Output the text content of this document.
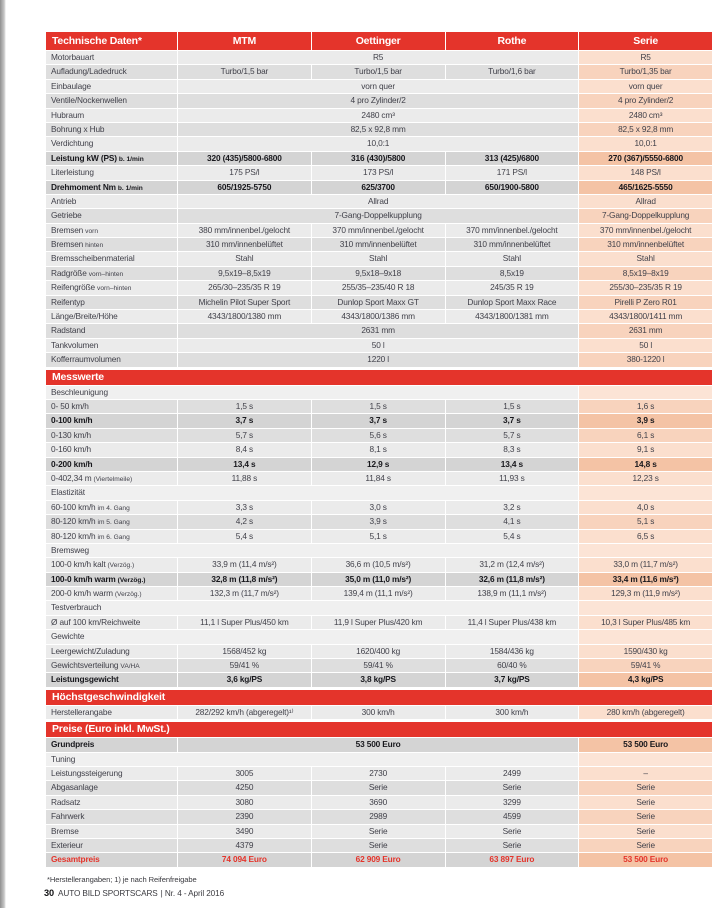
Technische Daten*	MTM	Oettinger	Rothe	Serie
Motorbauart	R5	R5
Aufladung/Ladedruck	Turbo/1,5 bar	Turbo/1,5 bar	Turbo/1,6 bar	Turbo/1,35 bar
Einbaulage	vorn quer	vorn quer
Ventile/Nockenwellen	4 pro Zylinder/2	4 pro Zylinder/2
Hubraum	2480 cm³	2480 cm³
Bohrung x Hub	82,5 x 92,8 mm	82,5 x 92,8 mm
Verdichtung	10,0:1	10,0:1
Leistung kW (PS) b. 1/min	320 (435)/5800-6800	316 (430)/5800	313 (425)/6800	270 (367)/5550-6800
Literleistung	175 PS/l	173 PS/l	171 PS/l	148 PS/l
Drehmoment Nm b. 1/min	605/1925-5750	625/3700	650/1900-5800	465/1625-5550
Antrieb	Allrad	Allrad
Getriebe	7-Gang-Doppelkupplung	7-Gang-Doppelkupplung
Bremsen vorn	380 mm/innenbel./gelocht	370 mm/innenbel./gelocht	370 mm/innenbel./gelocht	370 mm/innenbel./gelocht
Bremsen hinten	310 mm/innenbelüftet	310 mm/innenbelüftet	310 mm/innenbelüftet	310 mm/innenbelüftet
Bremsscheibenmaterial	Stahl	Stahl	Stahl	Stahl
Radgröße vorn–hinten	9,5x19–8,5x19	9,5x18–9x18	8,5x19	8,5x19–8x19
Reifengröße vorn–hinten	265/30–235/35 R 19	255/35–235/40 R 18	245/35 R 19	255/30–235/35 R 19
Reifentyp	Michelin Pilot Super Sport	Dunlop Sport Maxx GT	Dunlop Sport Maxx Race	Pirelli P Zero R01
Länge/Breite/Höhe	4343/1800/1380 mm	4343/1800/1386 mm	4343/1800/1381 mm	4343/1800/1411 mm
Radstand	2631 mm	2631 mm
Tankvolumen	50 l	50 l
Kofferraumvolumen	1220 l	380-1220 l
Messwerte
Beschleunigung
0- 50 km/h	1,5 s	1,5 s	1,5 s	1,6 s
0-100 km/h	3,7 s	3,7 s	3,7 s	3,9 s
0-130 km/h	5,7 s	5,6 s	5,7 s	6,1 s
0-160 km/h	8,4 s	8,1 s	8,3 s	9,1 s
0-200 km/h	13,4 s	12,9 s	13,4 s	14,8 s
0-402,34 m (Viertelmeile)	11,88 s	11,84 s	11,93 s	12,23 s
Elastizität
60-100 km/h im 4. Gang	3,3 s	3,0 s	3,2 s	4,0 s
80-120 km/h im 5. Gang	4,2 s	3,9 s	4,1 s	5,1 s
80-120 km/h im 6. Gang	5,4 s	5,1 s	5,4 s	6,5 s
Bremsweg
100-0 km/h kalt (Verzög.)	33,9 m (11,4 m/s²)	36,6 m (10,5 m/s²)	31,2 m (12,4 m/s²)	33,0 m (11,7 m/s²)
100-0 km/h warm (Verzög.)	32,8 m (11,8 m/s²)	35,0 m (11,0 m/s²)	32,6 m (11,8 m/s²)	33,4 m (11,6 m/s²)
200-0 km/h warm (Verzög.)	132,3 m (11,7 m/s²)	139,4 m (11,1 m/s²)	138,9 m (11,1 m/s²)	129,3 m (11,9 m/s²)
Testverbrauch
Ø auf 100 km/Reichweite	11,1 l Super Plus/450 km	11,9 l Super Plus/420 km	11,4 l Super Plus/438 km	10,3 l Super Plus/485 km
Gewichte
Leergewicht/Zuladung	1568/452 kg	1620/400 kg	1584/436 kg	1590/430 kg
Gewichtsverteilung VA/HA	59/41 %	59/41 %	60/40 %	59/41 %
Leistungsgewicht	3,6 kg/PS	3,8 kg/PS	3,7 kg/PS	4,3 kg/PS
Höchstgeschwindigkeit
Herstellerangabe	282/292 km/h (abgeregelt)¹⁾	300 km/h	300 km/h	280 km/h (abgeregelt)
Preise (Euro inkl. MwSt.)
Grundpreis	53 500 Euro	53 500 Euro
Tuning
Leistungssteigerung	3005	2730	2499	–
Abgasanlage	4250	Serie	Serie	Serie
Radsatz	3080	3690	3299	Serie
Fahrwerk	2390	2989	4599	Serie
Bremse	3490	Serie	Serie	Serie
Exterieur	4379	Serie	Serie	Serie
Gesamtpreis	74 094 Euro	62 909 Euro	63 897 Euro	53 500 Euro
*Herstellerangaben; 1) je nach Reifenfreigabe
30 AUTO BILD SPORTSCARS | Nr. 4 - April 2016
